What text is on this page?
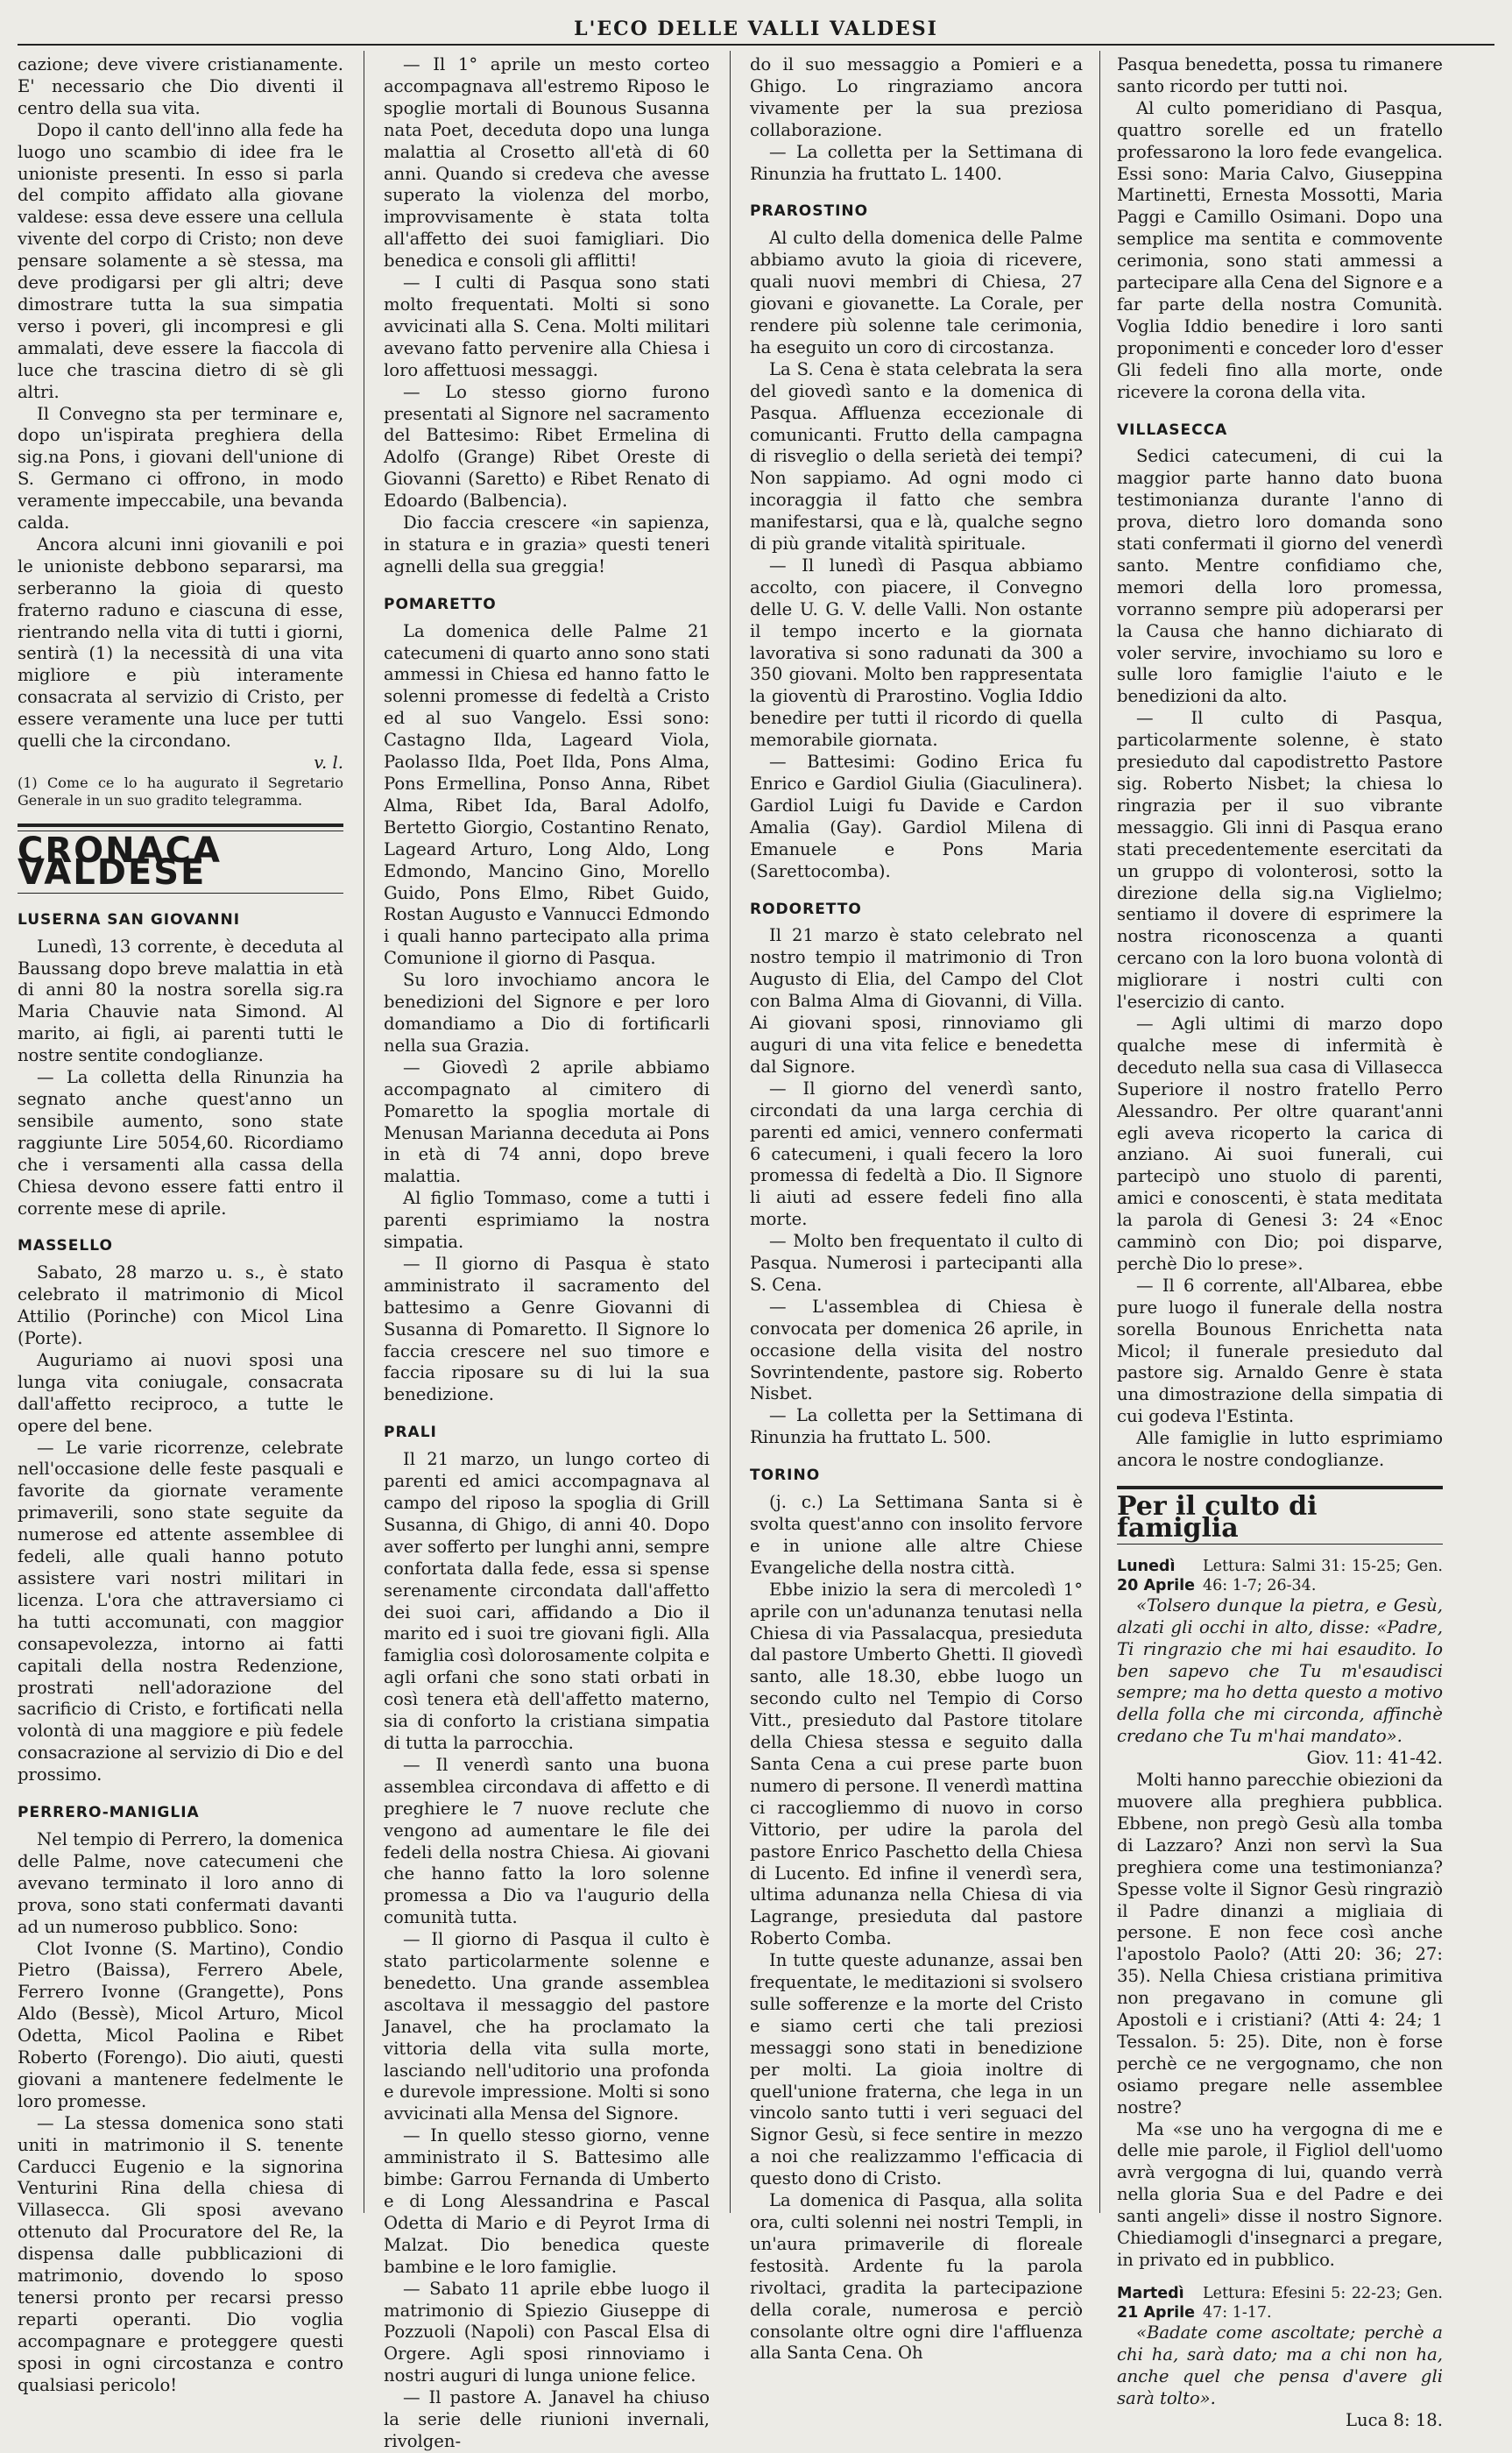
L'ECO DELLE VALLI VALDESI

cazione; deve vivere cristianamente. E' necessario che Dio diventi il centro della sua vita.

Dopo il canto dell'inno alla fede ha luogo uno scambio di idee fra le unioniste presenti. In esso si parla del compito affidato alla giovane valdese: essa deve essere una cellula vivente del corpo di Cristo; non deve pensare solamente a sè stessa, ma deve prodigarsi per gli altri; deve dimostrare tutta la sua simpatia verso i poveri, gli incompresi e gli ammalati, deve essere la fiaccola di luce che trascina dietro di sè gli altri.

Il Convegno sta per terminare e, dopo un'ispirata preghiera della sig.na Pons, i giovani dell'unione di S. Germano ci offrono, in modo veramente impeccabile, una bevanda calda.

Ancora alcuni inni giovanili e poi le unioniste debbono separarsi, ma serberanno la gioia di questo fraterno raduno e ciascuna di esse, rientrando nella vita di tutti i giorni, sentirà (1) la necessità di una vita migliore e più interamente consacrata al servizio di Cristo, per essere veramente una luce per tutti quelli che la circondano.

v. l.

(1) Come ce lo ha augurato il Segretario Generale in un suo gradito telegramma.

CRONACA VALDESE
LUSERNA SAN GIOVANNI

Lunedì, 13 corrente, è deceduta al Baussang dopo breve malattia in età di anni 80 la nostra sorella sig.ra Maria Chauvie nata Simond. Al marito, ai figli, ai parenti tutti le nostre sentite condoglianze.

— La colletta della Rinunzia ha segnato anche quest'anno un sensibile aumento, sono state raggiunte Lire 5054,60. Ricordiamo che i versamenti alla cassa della Chiesa devono essere fatti entro il corrente mese di aprile.

MASSELLO

Sabato, 28 marzo u. s., è stato celebrato il matrimonio di Micol Attilio (Porinche) con Micol Lina (Porte).

Auguriamo ai nuovi sposi una lunga vita coniugale, consacrata dall'affetto reciproco, a tutte le opere del bene.

— Le varie ricorrenze, celebrate nell'occasione delle feste pasquali e favorite da giornate veramente primaverili, sono state seguite da numerose ed attente assemblee di fedeli, alle quali hanno potuto assistere vari nostri militari in licenza. L'ora che attraversiamo ci ha tutti accomunati, con maggior consapevolezza, intorno ai fatti capitali della nostra Redenzione, prostrati nell'adorazione del sacrificio di Cristo, e fortificati nella volontà di una maggiore e più fedele consacrazione al servizio di Dio e del prossimo.

PERRERO-MANIGLIA

Nel tempio di Perrero, la domenica delle Palme, nove catecumeni che avevano terminato il loro anno di prova, sono stati confermati davanti ad un numeroso pubblico. Sono:

Clot Ivonne (S. Martino), Condio Pietro (Baissa), Ferrero Abele, Ferrero Ivonne (Grangette), Pons Aldo (Bessè), Micol Arturo, Micol Odetta, Micol Paolina e Ribet Roberto (Forengo). Dio aiuti, questi giovani a mantenere fedelmente le loro promesse.

— La stessa domenica sono stati uniti in matrimonio il S. tenente Carducci Eugenio e la signorina Venturini Rina della chiesa di Villasecca. Gli sposi avevano ottenuto dal Procuratore del Re, la dispensa dalle pubblicazioni di matrimonio, dovendo lo sposo tenersi pronto per recarsi presso reparti operanti. Dio voglia accompagnare e proteggere questi sposi in ogni circostanza e contro qualsiasi pericolo!

— Il 1° aprile un mesto corteo accompagnava all'estremo Riposo le spoglie mortali di Bounous Susanna nata Poet, deceduta dopo una lunga malattia al Crosetto all'età di 60 anni. Quando si credeva che avesse superato la violenza del morbo, improvvisamente è stata tolta all'affetto dei suoi famigliari. Dio benedica e consoli gli afflitti!

— I culti di Pasqua sono stati molto frequentati. Molti si sono avvicinati alla S. Cena. Molti militari avevano fatto pervenire alla Chiesa i loro affettuosi messaggi.

— Lo stesso giorno furono presentati al Signore nel sacramento del Battesimo: Ribet Ermelina di Adolfo (Grange) Ribet Oreste di Giovanni (Saretto) e Ribet Renato di Edoardo (Balbencia).

Dio faccia crescere «in sapienza, in statura e in grazia» questi teneri agnelli della sua greggia!

POMARETTO

La domenica delle Palme 21 catecumeni di quarto anno sono stati ammessi in Chiesa ed hanno fatto le solenni promesse di fedeltà a Cristo ed al suo Vangelo. Essi sono: Castagno Ilda, Lageard Viola, Paolasso Ilda, Poet Ilda, Pons Alma, Pons Ermellina, Ponso Anna, Ribet Alma, Ribet Ida, Baral Adolfo, Bertetto Giorgio, Costantino Renato, Lageard Arturo, Long Aldo, Long Edmondo, Mancino Gino, Morello Guido, Pons Elmo, Ribet Guido, Rostan Augusto e Vannucci Edmondo i quali hanno partecipato alla prima Comunione il giorno di Pasqua.

Su loro invochiamo ancora le benedizioni del Signore e per loro domandiamo a Dio di fortificarli nella sua Grazia.

— Giovedì 2 aprile abbiamo accompagnato al cimitero di Pomaretto la spoglia mortale di Menusan Marianna deceduta ai Pons in età di 74 anni, dopo breve malattia.

Al figlio Tommaso, come a tutti i parenti esprimiamo la nostra simpatia.

— Il giorno di Pasqua è stato amministrato il sacramento del battesimo a Genre Giovanni di Susanna di Pomaretto. Il Signore lo faccia crescere nel suo timore e faccia riposare su di lui la sua benedizione.

PRALI

Il 21 marzo, un lungo corteo di parenti ed amici accompagnava al campo del riposo la spoglia di Grill Susanna, di Ghigo, di anni 40. Dopo aver sofferto per lunghi anni, sempre confortata dalla fede, essa si spense serenamente circondata dall'affetto dei suoi cari, affidando a Dio il marito ed i suoi tre giovani figli. Alla famiglia così dolorosamente colpita e agli orfani che sono stati orbati in così tenera età dell'affetto materno, sia di conforto la cristiana simpatia di tutta la parrocchia.

— Il venerdì santo una buona assemblea circondava di affetto e di preghiere le 7 nuove reclute che vengono ad aumentare le file dei fedeli della nostra Chiesa. Ai giovani che hanno fatto la loro solenne promessa a Dio va l'augurio della comunità tutta.

— Il giorno di Pasqua il culto è stato particolarmente solenne e benedetto. Una grande assemblea ascoltava il messaggio del pastore Janavel, che ha proclamato la vittoria della vita sulla morte, lasciando nell'uditorio una profonda e durevole impressione. Molti si sono avvicinati alla Mensa del Signore.

— In quello stesso giorno, venne amministrato il S. Battesimo alle bimbe: Garrou Fernanda di Umberto e di Long Alessandrina e Pascal Odetta di Mario e di Peyrot Irma di Malzat. Dio benedica queste bambine e le loro famiglie.

— Sabato 11 aprile ebbe luogo il matrimonio di Spiezio Giuseppe di Pozzuoli (Napoli) con Pascal Elsa di Orgere. Agli sposi rinnoviamo i nostri auguri di lunga unione felice.

— Il pastore A. Janavel ha chiuso la serie delle riunioni invernali, rivolgen-

do il suo messaggio a Pomieri e a Ghigo. Lo ringraziamo ancora vivamente per la sua preziosa collaborazione.

— La colletta per la Settimana di Rinunzia ha fruttato L. 1400.

PRAROSTINO

Al culto della domenica delle Palme abbiamo avuto la gioia di ricevere, quali nuovi membri di Chiesa, 27 giovani e giovanette. La Corale, per rendere più solenne tale cerimonia, ha eseguito un coro di circostanza.

La S. Cena è stata celebrata la sera del giovedì santo e la domenica di Pasqua. Affluenza eccezionale di comunicanti. Frutto della campagna di risveglio o della serietà dei tempi? Non sappiamo. Ad ogni modo ci incoraggia il fatto che sembra manifestarsi, qua e là, qualche segno di più grande vitalità spirituale.

— Il lunedì di Pasqua abbiamo accolto, con piacere, il Convegno delle U. G. V. delle Valli. Non ostante il tempo incerto e la giornata lavorativa si sono radunati da 300 a 350 giovani. Molto ben rappresentata la gioventù di Prarostino. Voglia Iddio benedire per tutti il ricordo di quella memorabile giornata.

— Battesimi: Godino Erica fu Enrico e Gardiol Giulia (Giaculinera). Gardiol Luigi fu Davide e Cardon Amalia (Gay). Gardiol Milena di Emanuele e Pons Maria (Sarettocomba).

RODORETTO

Il 21 marzo è stato celebrato nel nostro tempio il matrimonio di Tron Augusto di Elia, del Campo del Clot con Balma Alma di Giovanni, di Villa. Ai giovani sposi, rinnoviamo gli auguri di una vita felice e benedetta dal Signore.

— Il giorno del venerdì santo, circondati da una larga cerchia di parenti ed amici, vennero confermati 6 catecumeni, i quali fecero la loro promessa di fedeltà a Dio. Il Signore li aiuti ad essere fedeli fino alla morte.

— Molto ben frequentato il culto di Pasqua. Numerosi i partecipanti alla S. Cena.

— L'assemblea di Chiesa è convocata per domenica 26 aprile, in occasione della visita del nostro Sovrintendente, pastore sig. Roberto Nisbet.

— La colletta per la Settimana di Rinunzia ha fruttato L. 500.

TORINO

(j. c.) La Settimana Santa si è svolta quest'anno con insolito fervore e in unione alle altre Chiese Evangeliche della nostra città.

Ebbe inizio la sera di mercoledì 1° aprile con un'adunanza tenutasi nella Chiesa di via Passalacqua, presieduta dal pastore Umberto Ghetti. Il giovedì santo, alle 18.30, ebbe luogo un secondo culto nel Tempio di Corso Vitt., presieduto dal Pastore titolare della Chiesa stessa e seguito dalla Santa Cena a cui prese parte buon numero di persone. Il venerdì mattina ci raccogliemmo di nuovo in corso Vittorio, per udire la parola del pastore Enrico Paschetto della Chiesa di Lucento. Ed infine il venerdì sera, ultima adunanza nella Chiesa di via Lagrange, presieduta dal pastore Roberto Comba.

In tutte queste adunanze, assai ben frequentate, le meditazioni si svolsero sulle sofferenze e la morte del Cristo e siamo certi che tali preziosi messaggi sono stati in benedizione per molti. La gioia inoltre di quell'unione fraterna, che lega in un vincolo santo tutti i veri seguaci del Signor Gesù, si fece sentire in mezzo a noi che realizzammo l'efficacia di questo dono di Cristo.

La domenica di Pasqua, alla solita ora, culti solenni nei nostri Templi, in un'aura primaverile di floreale festosità. Ardente fu la parola rivoltaci, gradita la partecipazione della corale, numerosa e perciò consolante oltre ogni dire l'affluenza alla Santa Cena. Oh

Pasqua benedetta, possa tu rimanere santo ricordo per tutti noi.

Al culto pomeridiano di Pasqua, quattro sorelle ed un fratello professarono la loro fede evangelica. Essi sono: Maria Calvo, Giuseppina Martinetti, Ernesta Mossotti, Maria Paggi e Camillo Osimani. Dopo una semplice ma sentita e commovente cerimonia, sono stati ammessi a partecipare alla Cena del Signore e a far parte della nostra Comunità. Voglia Iddio benedire i loro santi proponimenti e conceder loro d'esser Gli fedeli fino alla morte, onde ricevere la corona della vita.

VILLASECCA

Sedici catecumeni, di cui la maggior parte hanno dato buona testimonianza durante l'anno di prova, dietro loro domanda sono stati confermati il giorno del venerdì santo. Mentre confidiamo che, memori della loro promessa, vorranno sempre più adoperarsi per la Causa che hanno dichiarato di voler servire, invochiamo su loro e sulle loro famiglie l'aiuto e le benedizioni da alto.

— Il culto di Pasqua, particolarmente solenne, è stato presieduto dal capodistretto Pastore sig. Roberto Nisbet; la chiesa lo ringrazia per il suo vibrante messaggio. Gli inni di Pasqua erano stati precedentemente esercitati da un gruppo di volonterosi, sotto la direzione della sig.na Viglielmo; sentiamo il dovere di esprimere la nostra riconoscenza a quanti cercano con la loro buona volontà di migliorare i nostri culti con l'esercizio di canto.

— Agli ultimi di marzo dopo qualche mese di infermità è deceduto nella sua casa di Villasecca Superiore il nostro fratello Perro Alessandro. Per oltre quarant'anni egli aveva ricoperto la carica di anziano. Ai suoi funerali, cui partecipò uno stuolo di parenti, amici e conoscenti, è stata meditata la parola di Genesi 3: 24 «Enoc camminò con Dio; poi disparve, perchè Dio lo prese».

— Il 6 corrente, all'Albarea, ebbe pure luogo il funerale della nostra sorella Bounous Enrichetta nata Micol; il funerale presieduto dal pastore sig. Arnaldo Genre è stata una dimostrazione della simpatia di cui godeva l'Estinta.

Alle famiglie in lutto esprimiamo ancora le nostre condoglianze.

Per il culto di famiglia
Lunedì 20 Aprile
Lettura: Salmi 31: 15-25; Gen. 46: 1-7; 26-34.

«Tolsero dunque la pietra, e Gesù, alzati gli occhi in alto, disse: «Padre, Ti ringrazio che mi hai esaudito. Io ben sapevo che Tu m'esaudisci sempre; ma ho detta questo a motivo della folla che mi circonda, affinchè credano che Tu m'hai mandato».

Giov. 11: 41-42.

Molti hanno parecchie obiezioni da muovere alla preghiera pubblica. Ebbene, non pregò Gesù alla tomba di Lazzaro? Anzi non servì la Sua preghiera come una testimonianza? Spesse volte il Signor Gesù ringraziò il Padre dinanzi a migliaia di persone. E non fece così anche l'apostolo Paolo? (Atti 20: 36; 27: 35). Nella Chiesa cristiana primitiva non pregavano in comune gli Apostoli e i cristiani? (Atti 4: 24; 1 Tessalon. 5: 25). Dite, non è forse perchè ce ne vergognamo, che non osiamo pregare nelle assemblee nostre?

Ma «se uno ha vergogna di me e delle mie parole, il Figliol dell'uomo avrà vergogna di lui, quando verrà nella gloria Sua e del Padre e dei santi angeli» disse il nostro Signore. Chiediamogli d'insegnarci a pregare, in privato ed in pubblico.

Martedì 21 Aprile
Lettura: Efesini 5: 22-23; Gen. 47: 1-17.

«Badate come ascoltate; perchè a chi ha, sarà dato; ma a chi non ha, anche quel che pensa d'avere gli sarà tolto».

Luca 8: 18.
